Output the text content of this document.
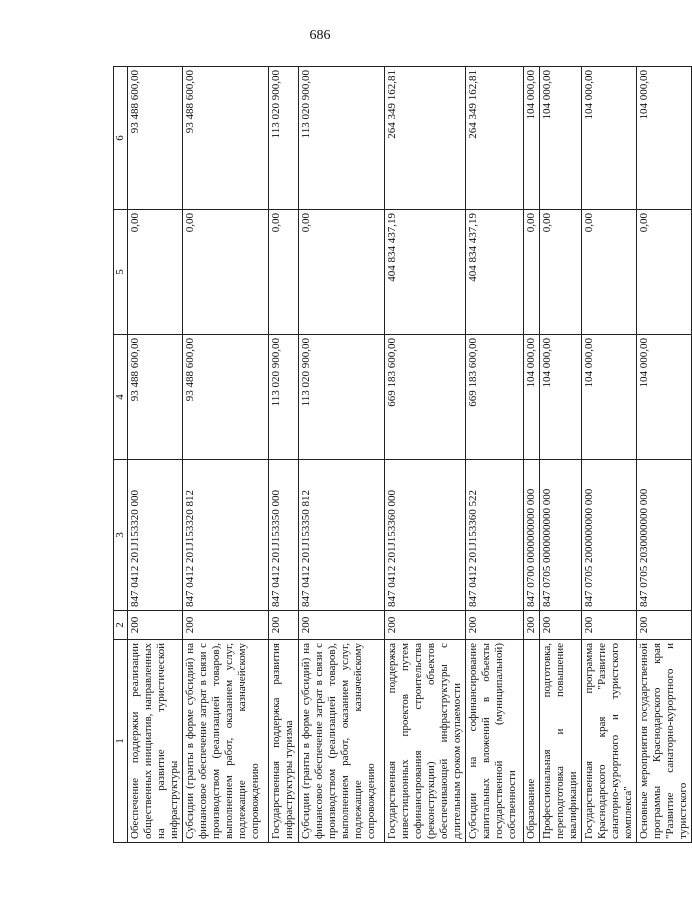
686
1	2	3	4	5	6
Обеспечение поддержки реализации общественных инициатив, направленных на развитие туристической инфраструктуры	200	847 0412 201J153320 000	93 488 600,00	0,00	93 488 600,00
Субсидии (гранты в форме субсидий) на финансовое обеспечение затрат в связи с производством (реализацией товаров), выполнением работ, оказанием услуг, подлежащие казначейскому сопровождению	200	847 0412 201J153320 812	93 488 600,00	0,00	93 488 600,00
Государственная поддержка развития инфраструктуры туризма	200	847 0412 201J153350 000	113 020 900,00	0,00	113 020 900,00
Субсидии (гранты в форме субсидий) на финансовое обеспечение затрат в связи с производством (реализацией товаров), выполнением работ, оказанием услуг, подлежащие казначейскому сопровождению	200	847 0412 201J153350 812	113 020 900,00	0,00	113 020 900,00
Государственная поддержка инвестиционных проектов путем софинансирования строительства (реконструкции) объектов обеспечивающей инфраструктуры с длительным сроком окупаемости	200	847 0412 201J153360 000	669 183 600,00	404 834 437,19	264 349 162,81
Субсидии на софинансирование капитальных вложений в объекты государственной (муниципальной) собственности	200	847 0412 201J153360 522	669 183 600,00	404 834 437,19	264 349 162,81
Образование	200	847 0700 0000000000 000	104 000,00	0,00	104 000,00
Профессиональная подготовка, переподготовка и повышение квалификации	200	847 0705 0000000000 000	104 000,00	0,00	104 000,00
Государственная программа Краснодарского края "Развитие санаторно-курортного и туристского комплекса"	200	847 0705 2000000000 000	104 000,00	0,00	104 000,00
Основные мероприятия государственной программы Краснодарского края "Развитие санаторно-курортного и туристского	200	847 0705 2030000000 000	104 000,00	0,00	104 000,00
